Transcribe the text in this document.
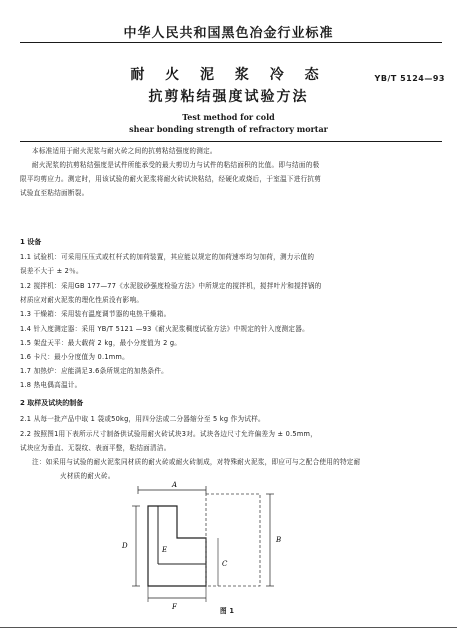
中华人民共和国黑色冶金行业标准
耐 火 泥 浆 冷 态
抗剪粘结强度试验方法
YB/T 5124—93
Test method for cold
shear bonding strength of refractory mortar
本标准适用于耐火泥浆与耐火砖之间的抗剪粘结强度的测定。
耐火泥浆的抗剪粘结强度是试件所能承受的最大剪切力与试件的粘结面积的比值。即与结面的极
限平均剪应力。测定时，用该试验的耐火泥浆将耐火砖试块粘结，经硬化或烧后，于室温下进行抗剪
试验直至粘结面断裂。
1 设备
1.1 试验机：可采用压压式或杠杆式的加荷装置，其应能以规定的加荷速率均匀加荷，测力示值的
误差不大于 ± 2％。
1.2 搅拌机：采用GB 177—77《水泥胶砂强度检验方法》中所规定的搅拌机，搅拌叶片和搅拌锅的
材质应对耐火泥浆的理化性质没有影响。
1.3 干燥箱：采用装有温度调节器的电热干燥箱。
1.4 针入度测定器：采用 YB/T 5121 —93《耐火泥浆稠度试验方法》中规定的针入度测定器。
1.5 架盘天平：最大载荷 2 kg，最小分度值为 2 g。
1.6 卡尺：最小分度值为 0.1mm。
1.7 加热炉：应能满足3.6条所规定的加热条件。
1.8 热电偶高温计。
2 取样及试块的制备
2.1 从每一批产品中取 1 袋或50kg，用四分法或二分器缩分至 5 kg 作为试样。
2.2 按照图1用下表所示尺寸制备供试验用耐火砖试块3对。试块各边尺寸允许偏差为 ± 0.5mm，
试块应为垂直、无裂纹、表面平整，粘结面清洁。
注：如采用与试验的耐火泥浆同材质的耐火砖或耐火砖制成，对特殊耐火泥浆，即应可与之配合使用的特定耐
火材质的耐火砖。
A
B
C
D	E
F	图 1
